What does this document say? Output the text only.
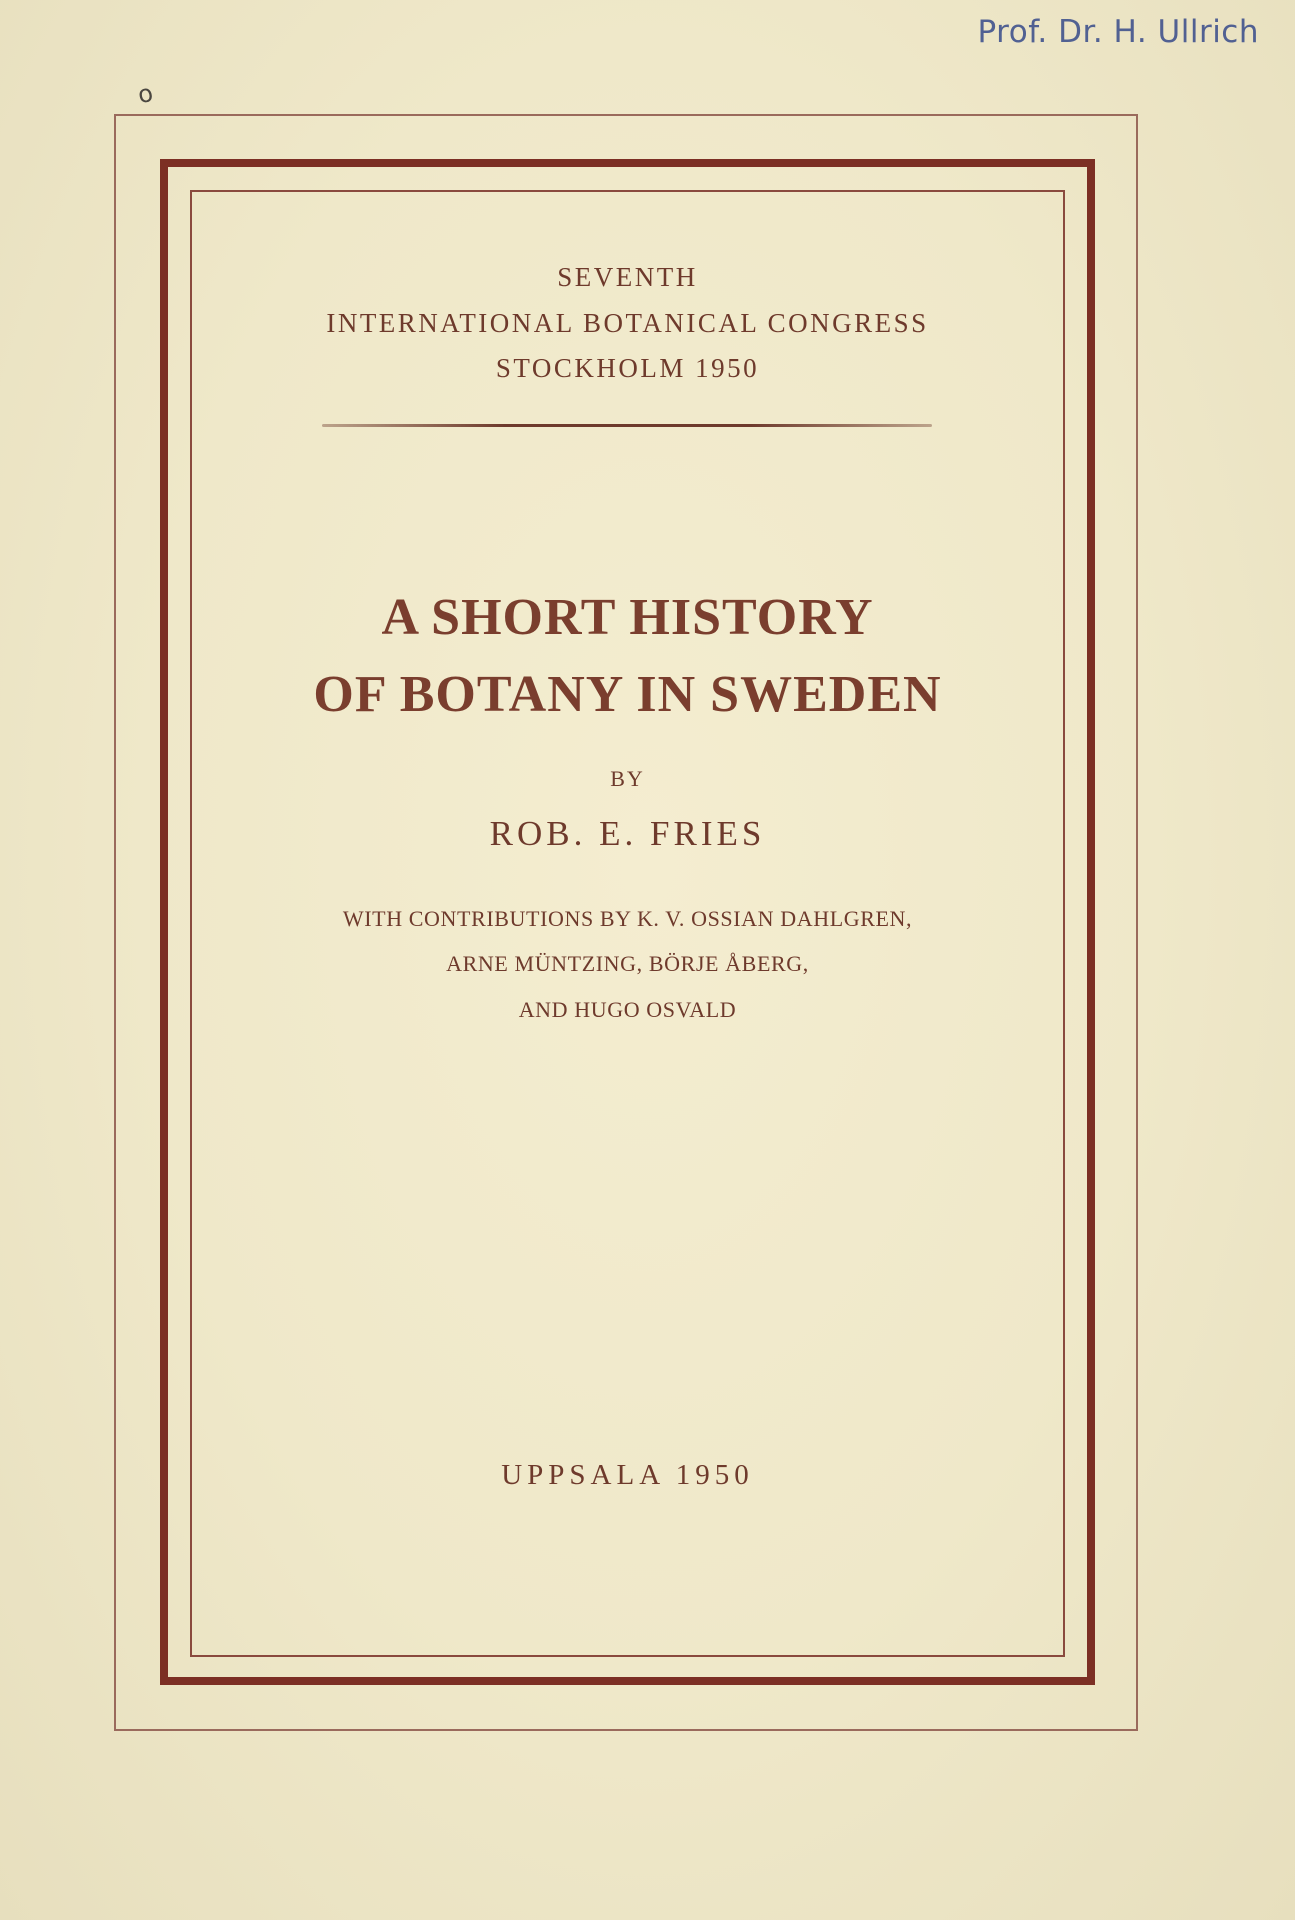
Prof. Dr. H. Ullrich
o
SEVENTH
INTERNATIONAL BOTANICAL CONGRESS
STOCKHOLM 1950
A SHORT HISTORY
OF BOTANY IN SWEDEN
BY
ROB. E. FRIES
WITH CONTRIBUTIONS BY K. V. OSSIAN DAHLGREN,
ARNE MÜNTZING, BÖRJE ÅBERG,
AND HUGO OSVALD
UPPSALA 1950
